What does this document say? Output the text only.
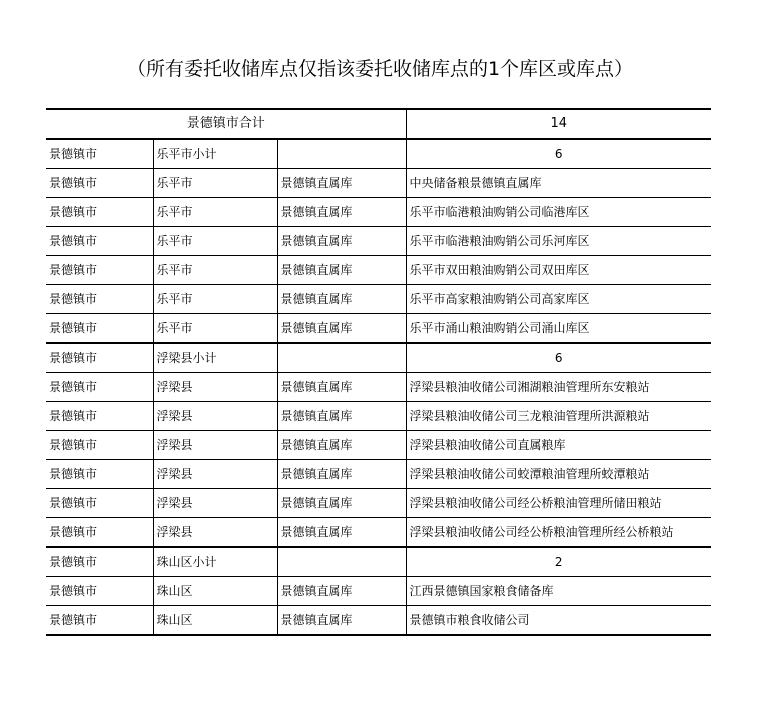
（所有委托收储库点仅指该委托收储库点的1个库区或库点）
景德镇市合计			14
景德镇市	乐平市小计		6
景德镇市	乐平市	景德镇直属库	中央储备粮景德镇直属库
景德镇市	乐平市	景德镇直属库	乐平市临港粮油购销公司临港库区
景德镇市	乐平市	景德镇直属库	乐平市临港粮油购销公司乐河库区
景德镇市	乐平市	景德镇直属库	乐平市双田粮油购销公司双田库区
景德镇市	乐平市	景德镇直属库	乐平市高家粮油购销公司高家库区
景德镇市	乐平市	景德镇直属库	乐平市涌山粮油购销公司涌山库区
景德镇市	浮梁县小计		6
景德镇市	浮梁县	景德镇直属库	浮梁县粮油收储公司湘湖粮油管理所东安粮站
景德镇市	浮梁县	景德镇直属库	浮梁县粮油收储公司三龙粮油管理所洪源粮站
景德镇市	浮梁县	景德镇直属库	浮梁县粮油收储公司直属粮库
景德镇市	浮梁县	景德镇直属库	浮梁县粮油收储公司蛟潭粮油管理所蛟潭粮站
景德镇市	浮梁县	景德镇直属库	浮梁县粮油收储公司经公桥粮油管理所储田粮站
景德镇市	浮梁县	景德镇直属库	浮梁县粮油收储公司经公桥粮油管理所经公桥粮站
景德镇市	珠山区小计		2
景德镇市	珠山区	景德镇直属库	江西景德镇国家粮食储备库
景德镇市	珠山区	景德镇直属库	景德镇市粮食收储公司
